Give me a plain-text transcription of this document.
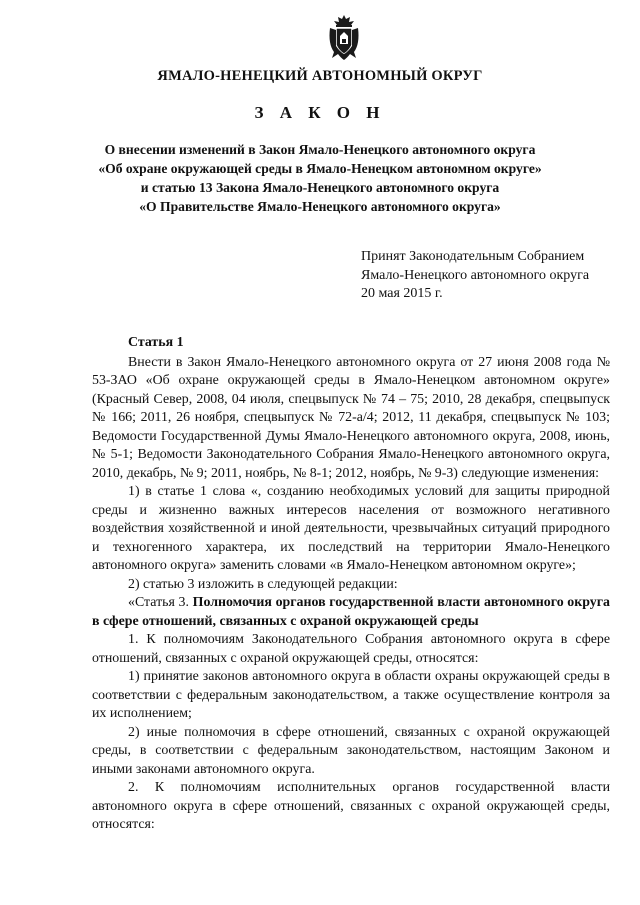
ЯМАЛО-НЕНЕЦКИЙ АВТОНОМНЫЙ ОКРУГ
З А К О Н
О внесении изменений в Закон Ямало-Ненецкого автономного округа
«Об охране окружающей среды в Ямало-Ненецком автономном округе»
и статью 13 Закона Ямало-Ненецкого автономного округа
«О Правительстве Ямало-Ненецкого автономного округа»
Принят Законодательным Собранием
Ямало-Ненецкого автономного округа
20 мая 2015 г.

Статья 1

Внести в Закон Ямало-Ненецкого автономного округа от 27 июня 2008 года № 53-ЗАО «Об охране окружающей среды в Ямало-Ненецком автономном округе» (Красный Север, 2008, 04 июля, спецвыпуск № 74 – 75; 2010, 28 декабря, спецвыпуск № 166; 2011, 26 ноября, спецвыпуск № 72-а/4; 2012, 11 декабря, спецвыпуск № 103; Ведомости Государственной Думы Ямало-Ненецкого автономного округа, 2008, июнь, № 5-1; Ведомости Законодательного Собрания Ямало-Ненецкого автономного округа, 2010, декабрь, № 9; 2011, ноябрь, № 8-1; 2012, ноябрь, № 9-3) следующие изменения:

1) в статье 1 слова «, созданию необходимых условий для защиты природной среды и жизненно важных интересов населения от возможного негативного воздействия хозяйственной и иной деятельности, чрезвычайных ситуаций природного и техногенного характера, их последствий на территории Ямало-Ненецкого автономного округа» заменить словами «в Ямало-Ненецком автономном округе»;

2) статью 3 изложить в следующей редакции:

«Статья 3. Полномочия органов государственной власти автономного округа в сфере отношений, связанных с охраной окружающей среды

1. К полномочиям Законодательного Собрания автономного округа в сфере отношений, связанных с охраной окружающей среды, относятся:

1) принятие законов автономного округа в области охраны окружающей среды в соответствии с федеральным законодательством, а также осуществление контроля за их исполнением;

2) иные полномочия в сфере отношений, связанных с охраной окружающей среды, в соответствии с федеральным законодательством, настоящим Законом и иными законами автономного округа.

2. К полномочиям исполнительных органов государственной власти автономного округа в сфере отношений, связанных с охраной окружающей среды, относятся:
